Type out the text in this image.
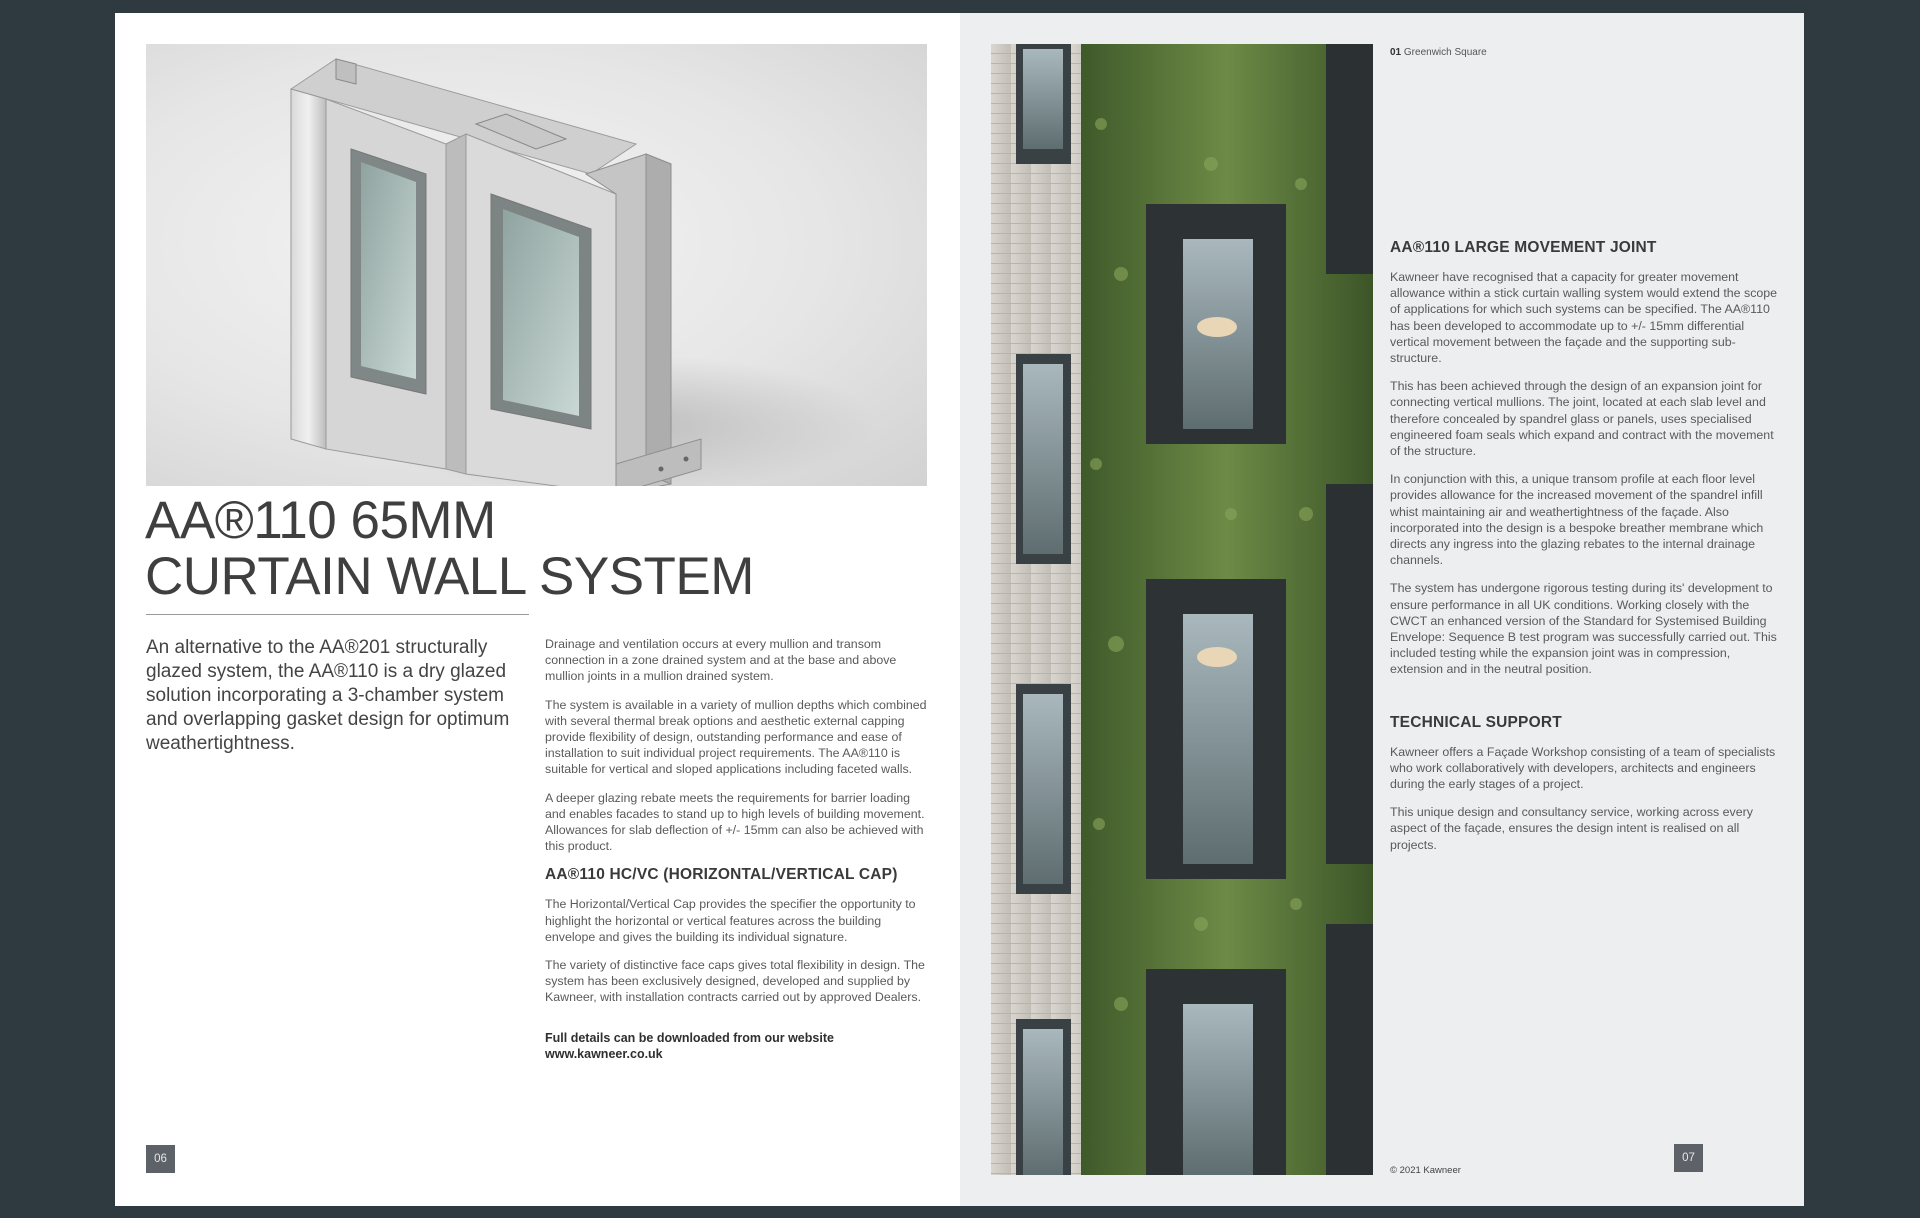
AA®110 65MM
CURTAIN WALL SYSTEM

An alternative to the AA®201 structurally glazed system, the AA®110 is a dry glazed solution incorporating a 3-chamber system and overlapping gasket design for optimum weathertightness.

Drainage and ventilation occurs at every mullion and transom connection in a zone drained system and at the base and above mullion joints in a mullion drained system.

The system is available in a variety of mullion depths which combined with several thermal break options and aesthetic external capping provide flexibility of design, outstanding performance and ease of installation to suit individual project requirements. The AA®110 is suitable for vertical and sloped applications including faceted walls.

A deeper glazing rebate meets the requirements for barrier loading and enables facades to stand up to high levels of building movement. Allowances for slab deflection of +/- 15mm can also be achieved with this product.

AA®110 HC/VC (HORIZONTAL/VERTICAL CAP)

The Horizontal/Vertical Cap provides the specifier the opportunity to highlight the horizontal or vertical features across the building envelope and gives the building its individual signature.

The variety of distinctive face caps gives total flexibility in design. The system has been exclusively designed, developed and supplied by Kawneer, with installation contracts carried out by approved Dealers.

Full details can be downloaded from our website
www.kawneer.co.uk
06
01 Greenwich Square
AA®110 LARGE MOVEMENT JOINT

Kawneer have recognised that a capacity for greater movement allowance within a stick curtain walling system would extend the scope of applications for which such systems can be specified. The AA®110 has been developed to accommodate up to +/- 15mm differential vertical movement between the façade and the supporting sub-structure.

This has been achieved through the design of an expansion joint for connecting vertical mullions. The joint, located at each slab level and therefore concealed by spandrel glass or panels, uses specialised engineered foam seals which expand and contract with the movement of the structure.

In conjunction with this, a unique transom profile at each floor level provides allowance for the increased movement of the spandrel infill whist maintaining air and weathertightness of the façade. Also incorporated into the design is a bespoke breather membrane which directs any ingress into the glazing rebates to the internal drainage channels.

The system has undergone rigorous testing during its' development to ensure performance in all UK conditions. Working closely with the CWCT an enhanced version of the Standard for Systemised Building Envelope: Sequence B test program was successfully carried out. This included testing while the expansion joint was in compression, extension and in the neutral position.

TECHNICAL SUPPORT

Kawneer offers a Façade Workshop consisting of a team of specialists who work collaboratively with developers, architects and engineers during the early stages of a project.

This unique design and consultancy service, working across every aspect of the façade, ensures the design intent is realised on all projects.

© 2021 Kawneer
07
